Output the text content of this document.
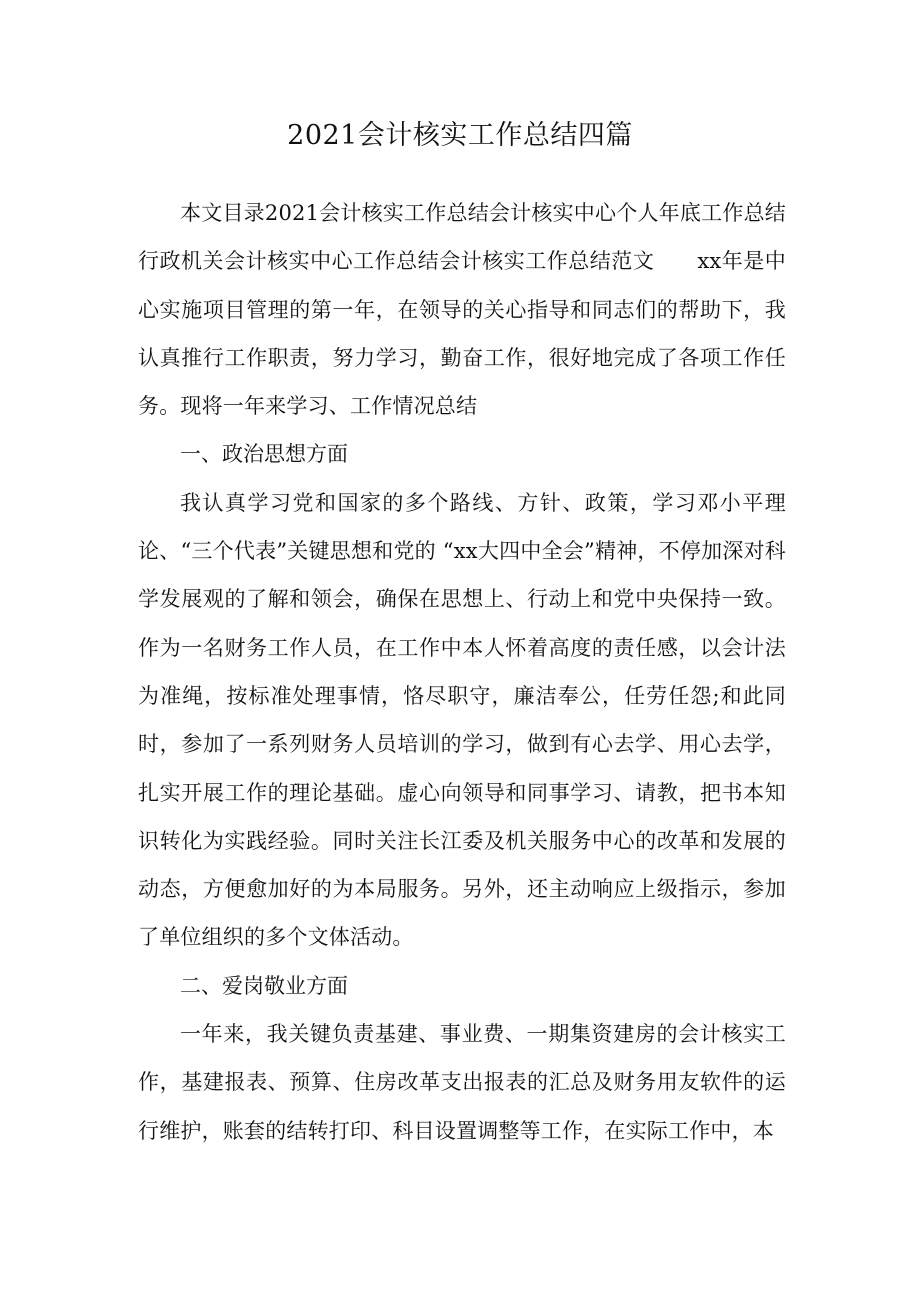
2021会计核实工作总结四篇

本文目录2021会计核实工作总结会计核实中心个人年底工作总结行政机关会计核实中心工作总结会计核实工作总结范文　　xx年是中心实施项目管理的第一年，在领导的关心指导和同志们的帮助下，我认真推行工作职责，努力学习，勤奋工作，很好地完成了各项工作任务。现将一年来学习、工作情况总结

一、政治思想方面

我认真学习党和国家的多个路线、方针、政策，学习邓小平理论、“三个代表”关键思想和党的 “xx大四中全会”精神，不停加深对科学发展观的了解和领会，确保在思想上、行动上和党中央保持一致。作为一名财务工作人员，在工作中本人怀着高度的责任感，以会计法为准绳，按标准处理事情，恪尽职守，廉洁奉公，任劳任怨;和此同时，参加了一系列财务人员培训的学习，做到有心去学、用心去学，扎实开展工作的理论基础。虚心向领导和同事学习、请教，把书本知识转化为实践经验。同时关注长江委及机关服务中心的改革和发展的动态，方便愈加好的为本局服务。另外，还主动响应上级指示，参加了单位组织的多个文体活动。

二、爱岗敬业方面

一年来，我关键负责基建、事业费、一期集资建房的会计核实工作，基建报表、预算、住房改革支出报表的汇总及财务用友软件的运行维护，账套的结转打印、科目设置调整等工作，在实际工作中，本
